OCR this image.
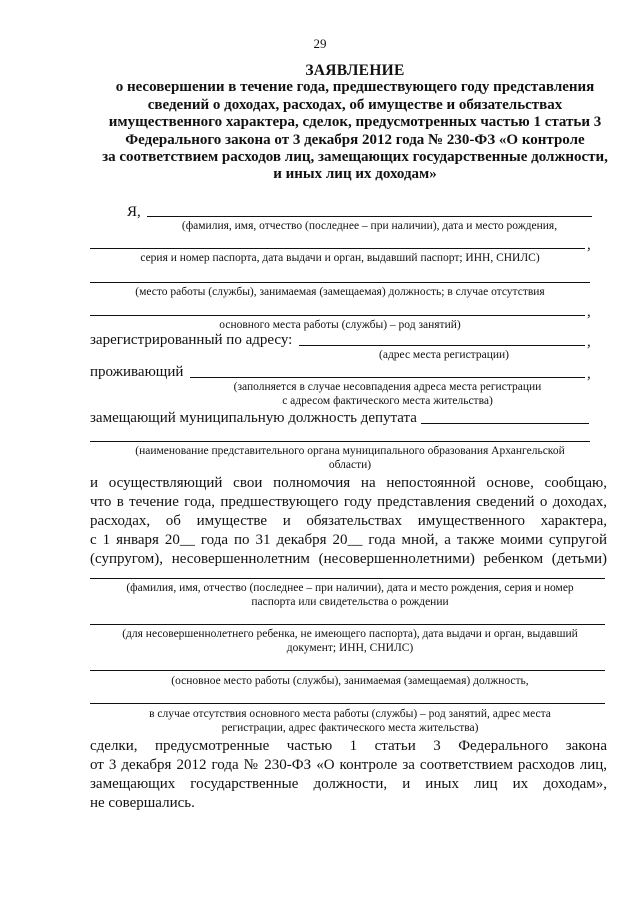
29
ЗАЯВЛЕНИЕ
о несовершении в течение года, предшествующего году представления
сведений о доходах, расходах, об имуществе и обязательствах
имущественного характера, сделок, предусмотренных частью 1 статьи 3
Федерального закона от 3 декабря 2012 года № 230-ФЗ «О контроле
за соответствием расходов лиц, замещающих государственные должности,
и иных лиц их доходам»
Я,
(фамилия, имя, отчество (последнее – при наличии), дата и место рождения,
,
серия и номер паспорта, дата выдачи и орган, выдавший паспорт; ИНН, СНИЛС)
(место работы (службы), занимаемая (замещаемая) должность; в случае отсутствия
,
основного места работы (службы) – род занятий)
зарегистрированный по адресу:	,
(адрес места регистрации)
проживающий	,
(заполняется в случае несовпадения адреса места регистрации
с адресом фактического места жительства)
замещающий муниципальную должность депутата
(наименование представительного органа муниципального образования Архангельской
области)
и осуществляющий свои полномочия на непостоянной основе, сообщаю,
что в течение года, предшествующего году представления сведений о доходах,
расходах, об имуществе и обязательствах имущественного характера,
с 1 января 20__ года по 31 декабря 20__ года мной, а также моими супругой
(супругом), несовершеннолетним (несовершеннолетними) ребенком (детьми)
(фамилия, имя, отчество (последнее – при наличии), дата и место рождения, серия и номер
паспорта или свидетельства о рождении
(для несовершеннолетнего ребенка, не имеющего паспорта), дата выдачи и орган, выдавший
документ; ИНН, СНИЛС)
(основное место работы (службы), занимаемая (замещаемая) должность,
в случае отсутствия основного места работы (службы) – род занятий, адрес места
регистрации, адрес фактического места жительства)
сделки, предусмотренные частью 1 статьи 3 Федерального закона
от 3 декабря 2012 года № 230-ФЗ «О контроле за соответствием расходов лиц,
замещающих государственные должности, и иных лиц их доходам»,
не совершались.
